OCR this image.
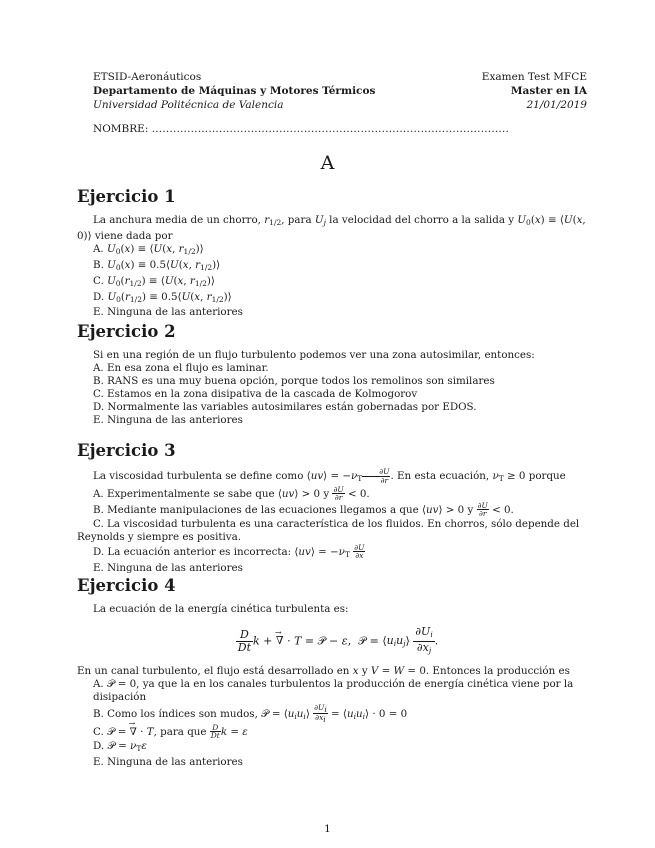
ETSID-Aeronáuticos	Examen Test MFCE
Departamento de Máquinas y Motores Térmicos	Master en IA
Universidad Politécnica de Valencia	21/01/2019
NOMBRE: .....................................................................................................
A
Ejercicio 1

La anchura media de un chorro, $r_{1/2}$, para $U_j$ la velocidad del chorro a la salida y $U_0(x)$ ≡ ⟨U(x, 0)⟩ viene dada por

A. $U_0(x)$ ≡ ⟨U(x, $r_{1/2})⟩$

B. $U_0(x)$ ≡ 0.5⟨U(x, $r_{1/2})⟩$

C. $U_0(r_{1/2})$ ≡ ⟨U(x, $r_{1/2})⟩$

D. $U_0(r_{1/2})$ ≡ 0.5⟨U(x, $r_{1/2})⟩$

E. Ninguna de las anteriores

Ejercicio 2

Si en una región de un flujo turbulento podemos ver una zona autosimilar, entonces:

A. En esa zona el flujo es laminar.

B. RANS es una muy buena opción, porque todos los remolinos son similares

C. Estamos en la zona disipativa de la cascada de Kolmogorov

D. Normalmente las variables autosimilares están gobernadas por EDOS.

E. Ninguna de las anteriores

Ejercicio 3

La viscosidad turbulenta se define como ⟨uv⟩ = $-\nu_T \frac{\partial U}{\partial r}$ . En esta ecuación, $\nu_T \ge 0$ porque

A. Experimentalmente se sabe que ⟨uv⟩ > 0 y $\frac{\partial U}{\partial r} < 0$.

B. Mediante manipulaciones de las ecuaciones llegamos a que ⟨uv⟩ > 0 y $\frac{\partial U}{\partial r} < 0$.

C. La viscosidad turbulenta es una característica de los fluidos. En chorros, sólo depende del Reynolds y siempre es positiva.

D. La ecuación anterior es incorrecta: ⟨uv⟩ = $-\nu_T \frac{\partial U}{\partial x}$

E. Ninguna de las anteriores

Ejercicio 4

La ecuación de la energía cinética turbulenta es:

$\frac{D}{Dt}$ k + → ∇ · T = 𝒫 − ε,  𝒫 = $⟨u_iu_j⟩ \frac{\partial U_i}{\partial x_j}$ .

En un canal turbulento, el flujo está desarrollado en x y V = W = 0. Entonces la producción es

A. 𝒫 = 0, ya que la en los canales turbulentos la producción de energía cinética viene por la disipación

B. Como los índices son mudos, 𝒫 = $⟨u_iu_i⟩ \frac{\partial Ui}{\partial xi}$ = $⟨u_iu_i⟩ \cdot 0 = 0$

C. 𝒫 = → ∇ · T, para que $\frac{D}{Dt}$ k = ε

D. 𝒫 = $\nu_T\varepsilon$

E. Ninguna de las anteriores

1
